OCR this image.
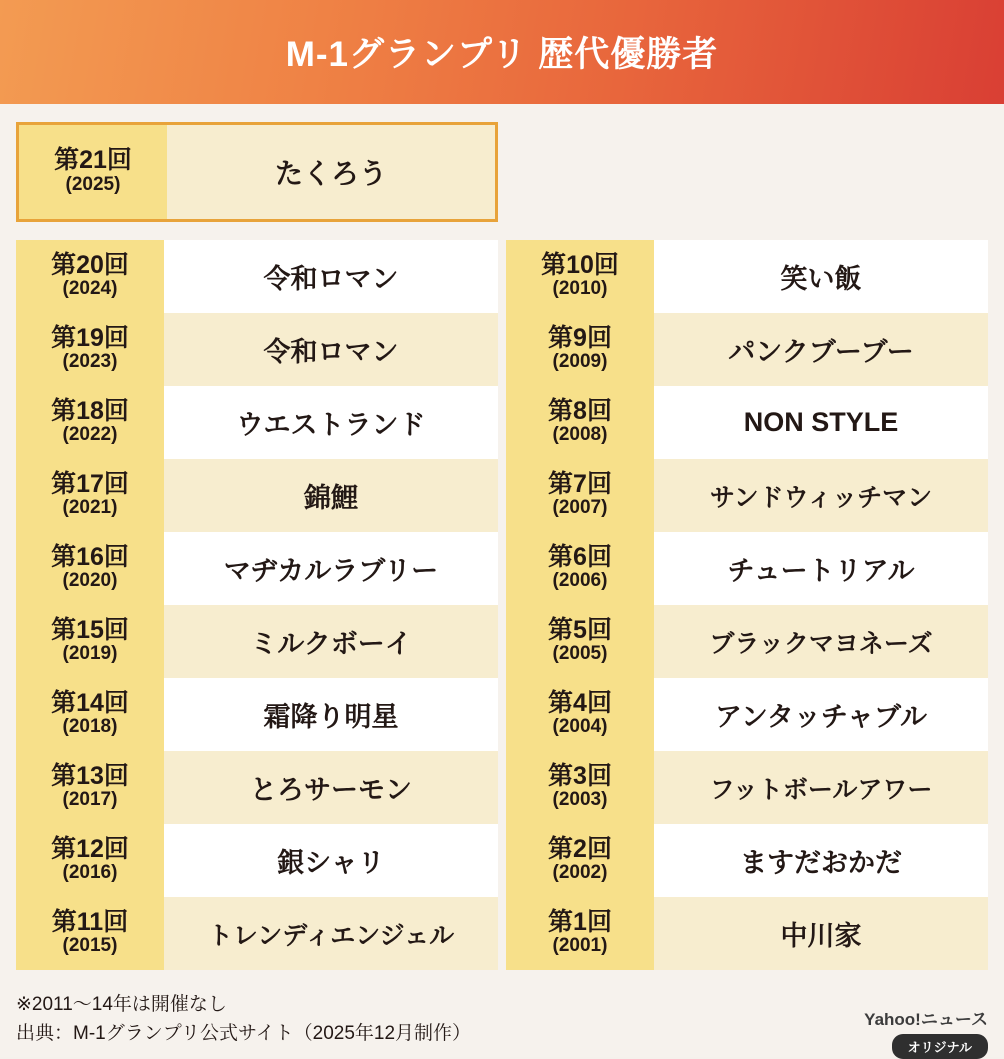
M-1グランプリ 歴代優勝者
第21回
(2025)	たくろう
第20回
(2024)	令和ロマン
第19回
(2023)	令和ロマン
第18回
(2022)	ウエストランド
第17回
(2021)	錦鯉
第16回
(2020)	マヂカルラブリー
第15回
(2019)	ミルクボーイ
第14回
(2018)	霜降り明星
第13回
(2017)	とろサーモン
第12回
(2016)	銀シャリ
第11回
(2015)	トレンディエンジェル
第10回
(2010)	笑い飯
第9回
(2009)	パンクブーブー
第8回
(2008)	NON STYLE
第7回
(2007)	サンドウィッチマン
第6回
(2006)	チュートリアル
第5回
(2005)	ブラックマヨネーズ
第4回
(2004)	アンタッチャブル
第3回
(2003)	フットボールアワー
第2回
(2002)	ますだおかだ
第1回
(2001)	中川家
※2011〜14年は開催なし
出典：M-1グランプリ公式サイト（2025年12月制作）
Yahoo!ニュース
オリジナル
